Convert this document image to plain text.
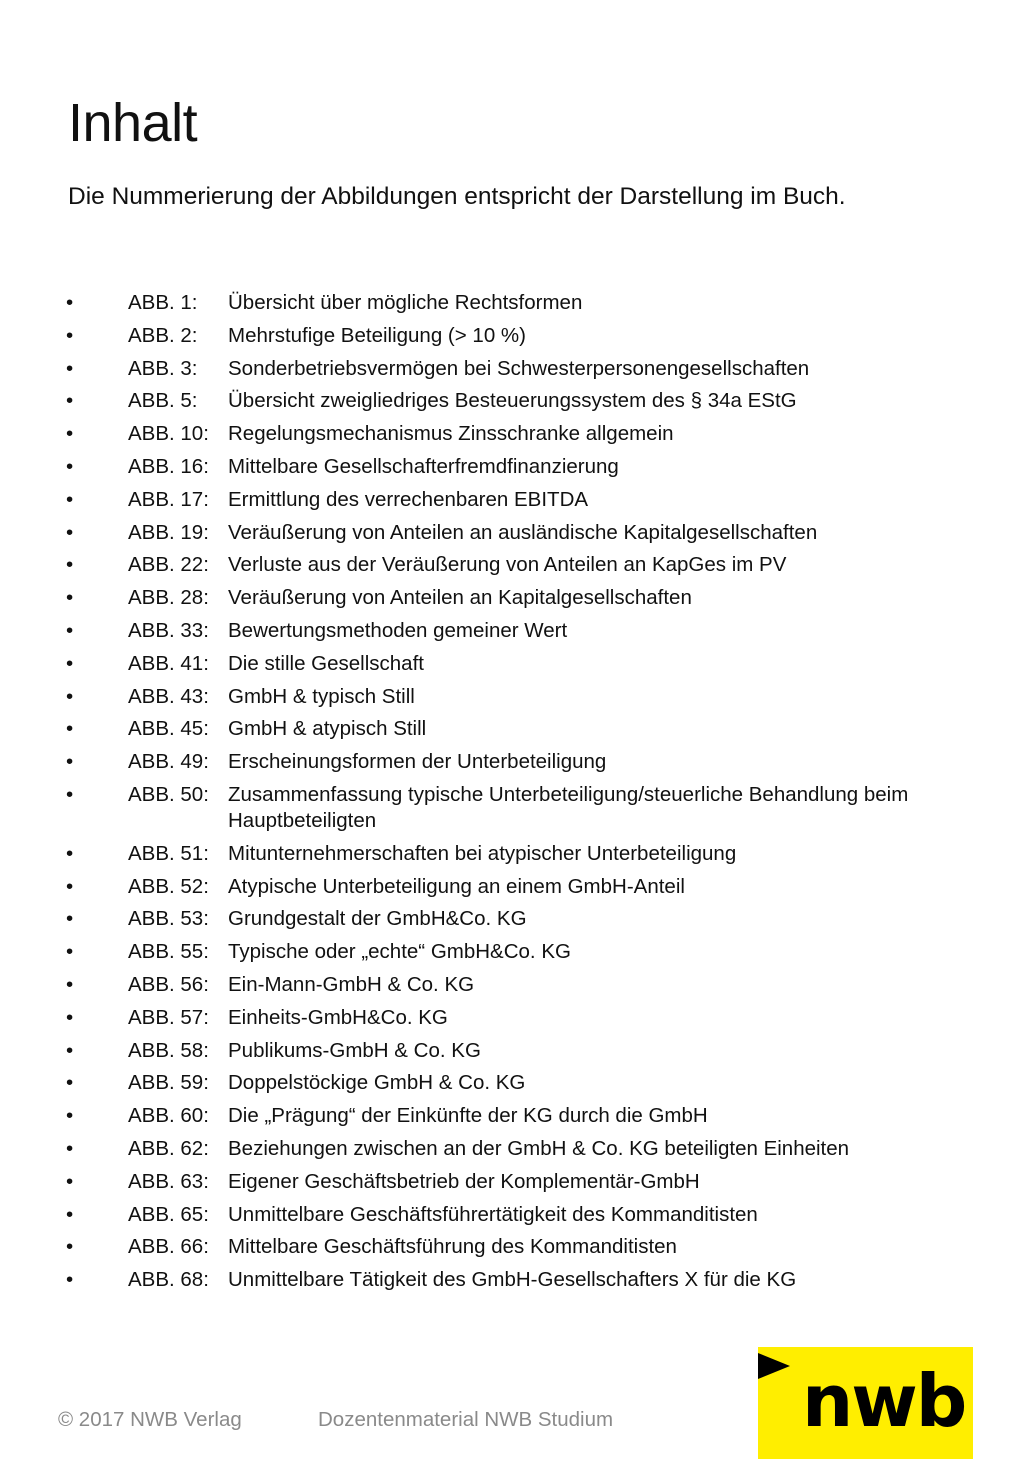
Inhalt

Die Nummerierung der Abbildungen entspricht der Darstellung im Buch.

•	ABB. 1:	Übersicht über mögliche Rechtsformen
•	ABB. 2:	Mehrstufige Beteiligung (> 10 %)
•	ABB. 3:	Sonderbetriebsvermögen bei Schwesterpersonengesellschaften
•	ABB. 5:	Übersicht zweigliedriges Besteuerungssystem des § 34a EStG
•	ABB. 10: Regelungsmechanismus Zinsschranke allgemein
•	ABB. 16: Mittelbare Gesellschafterfremdfinanzierung
•	ABB. 17: Ermittlung des verrechenbaren EBITDA
•	ABB. 19: Veräußerung von Anteilen an ausländische Kapitalgesellschaften
•	ABB. 22: Verluste aus der Veräußerung von Anteilen an KapGes im PV
•	ABB. 28: Veräußerung von Anteilen an Kapitalgesellschaften
•	ABB. 33: Bewertungsmethoden gemeiner Wert
•	ABB. 41: Die stille Gesellschaft
•	ABB. 43: GmbH & typisch Still
•	ABB. 45: GmbH & atypisch Still
•	ABB. 49: Erscheinungsformen der Unterbeteiligung
•	ABB. 50: Zusammenfassung typische Unterbeteiligung/steuerliche Behandlung beim Hauptbeteiligten
•	ABB. 51: Mitunternehmerschaften bei atypischer Unterbeteiligung
•	ABB. 52: Atypische Unterbeteiligung an einem GmbH-Anteil
•	ABB. 53: Grundgestalt der GmbH&Co. KG
•	ABB. 55: Typische oder „echte“ GmbH&Co. KG
•	ABB. 56: Ein-Mann-GmbH & Co. KG
•	ABB. 57: Einheits-GmbH&Co. KG
•	ABB. 58: Publikums-GmbH & Co. KG
•	ABB. 59: Doppelstöckige GmbH & Co. KG
•	ABB. 60: Die „Prägung“ der Einkünfte der KG durch die GmbH
•	ABB. 62: Beziehungen zwischen an der GmbH & Co. KG beteiligten Einheiten
•	ABB. 63: Eigener Geschäftsbetrieb der Komplementär-GmbH
•	ABB. 65: Unmittelbare Geschäftsführertätigkeit des Kommanditisten
•	ABB. 66: Mittelbare Geschäftsführung des Kommanditisten
•	ABB. 68: Unmittelbare Tätigkeit des GmbH-Gesellschafters X für die KG
© 2017 NWB Verlag	Dozentenmaterial NWB Studium	nwb
